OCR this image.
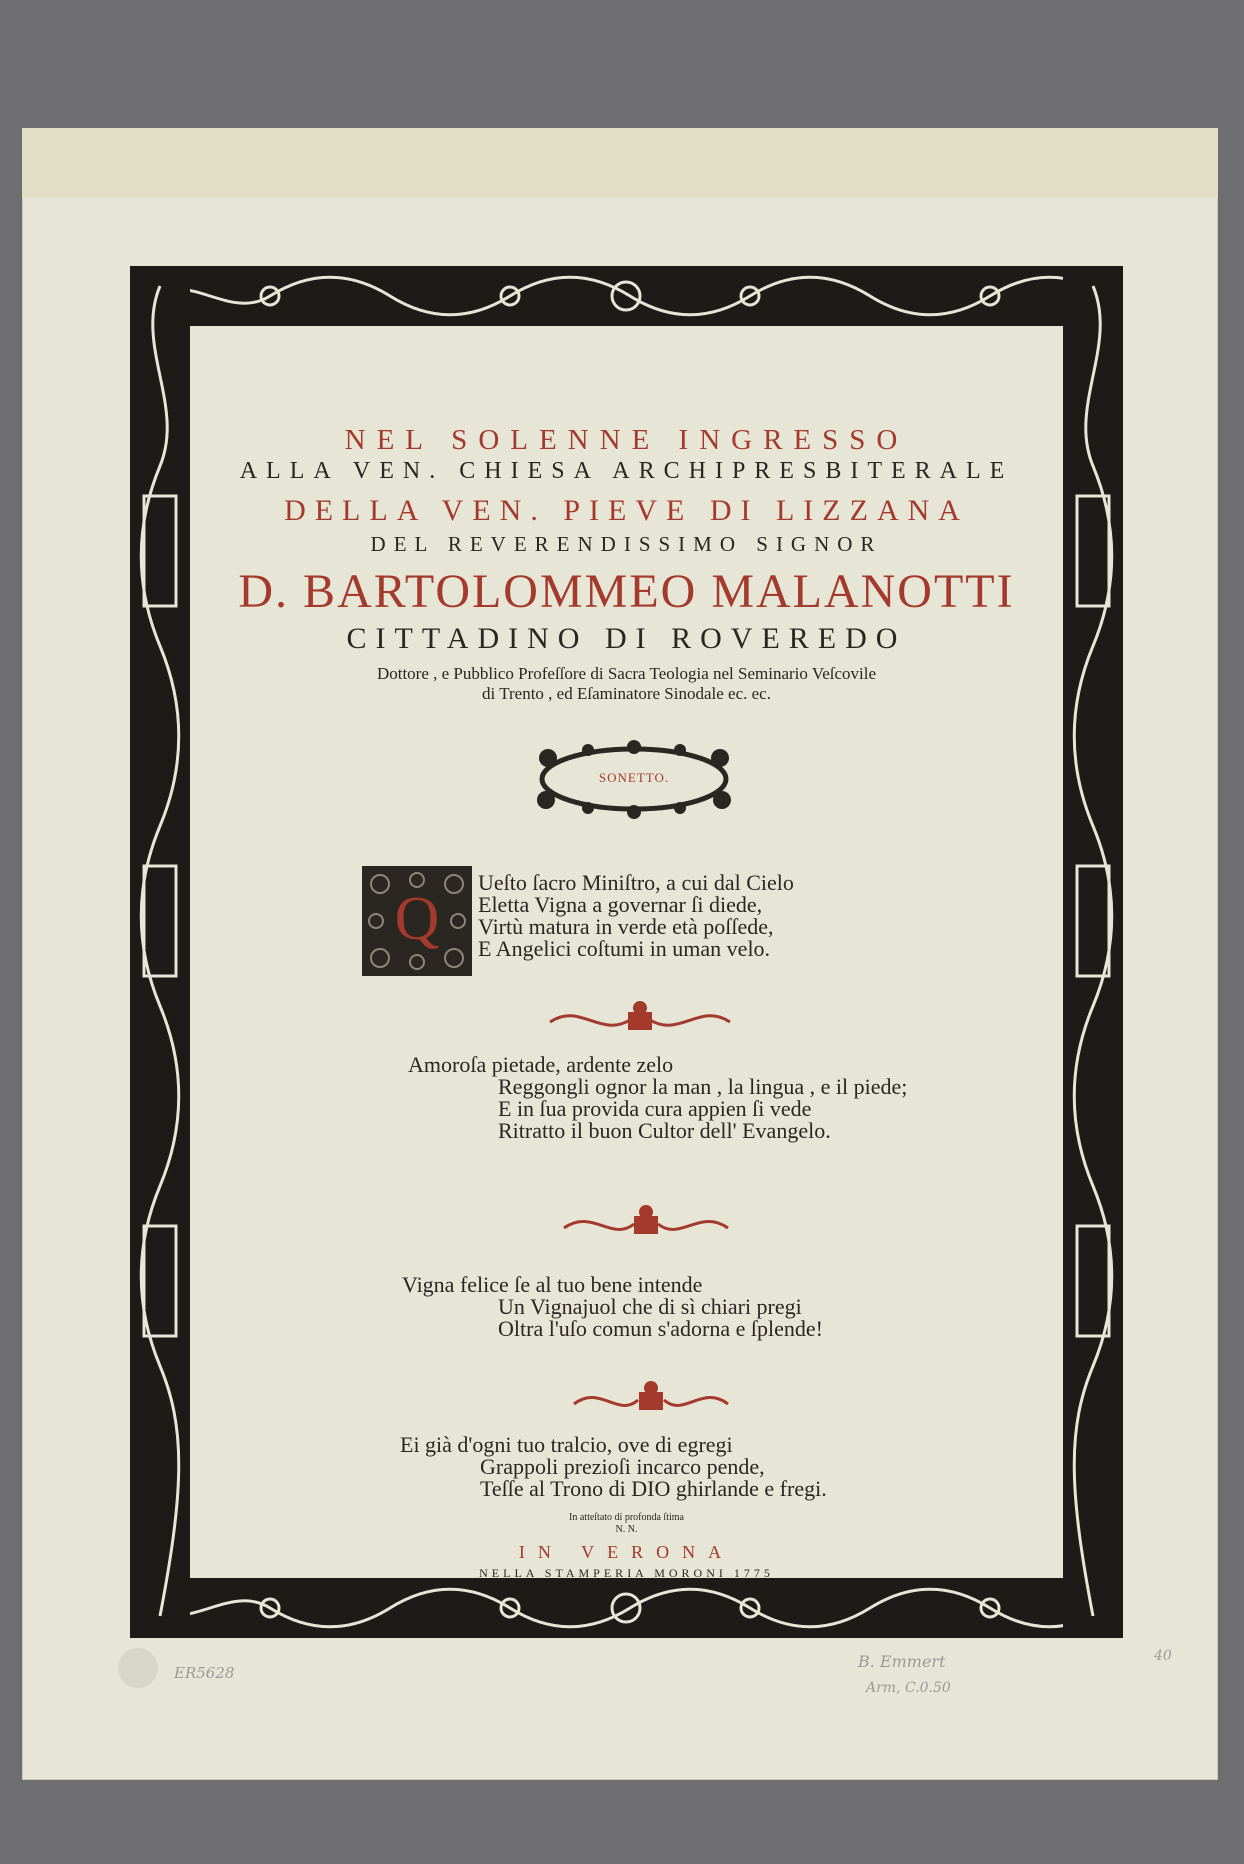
NEL SOLENNE INGRESSO
ALLA VEN. CHIESA ARCHIPRESBITERALE
DELLA VEN. PIEVE DI LIZZANA
DEL REVERENDISSIMO SIGNOR
D. BARTOLOMMEO MALANOTTI
CITTADINO DI ROVEREDO
Dottore , e Pubblico Profeſſore di Sacra Teologia nel Seminario Veſcovile
di Trento , ed Eſaminatore Sinodale ec. ec.
SONETTO.
Q
Ueſto ſacro Miniſtro, a cui dal Cielo
Eletta Vigna a governar ſi diede,
Virtù matura in verde età poſſede,
E Angelici coſtumi in uman velo.
Amoroſa pietade, ardente zelo
Reggongli ognor la man , la lingua , e il piede;
E in ſua provida cura appien ſi vede
Ritratto il buon Cultor dell' Evangelo.
Vigna felice ſe al tuo bene intende
Un Vignajuol che di sì chiari pregi
Oltra l'uſo comun s'adorna e ſplende!
Ei già d'ogni tuo tralcio, ove di egregi
Grappoli prezioſi incarco pende,
Teſſe al Trono di DIO ghirlande e fregi.
In atteſtato di profonda ſtima
N. N.
IN VERONA
NELLA STAMPERIA MORONI 1775
ER5628
B. Emmert
Arm, C.0.50
40
